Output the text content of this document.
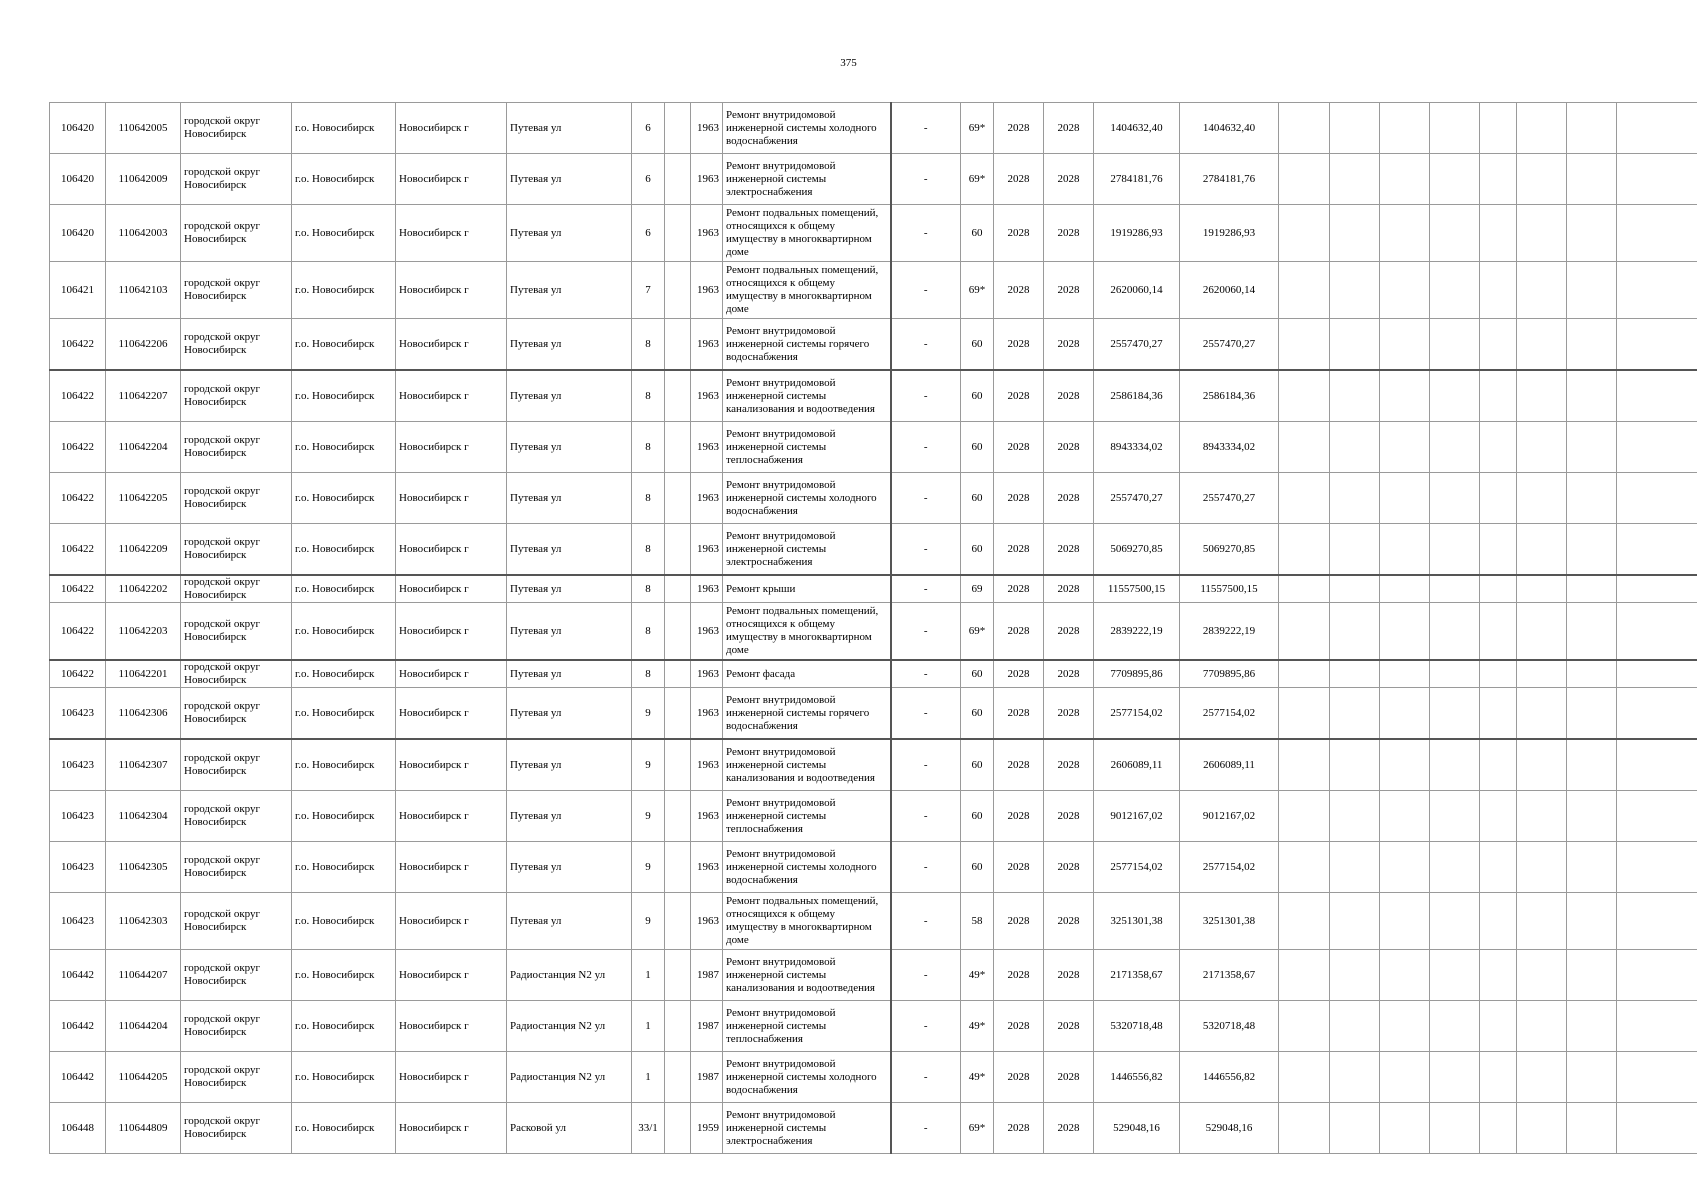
375
106420	110642005	городской округ Новосибирск	г.о. Новосибирск	Новосибирск г	Путевая ул	6		1963	Ремонт внутридомовой инженерной системы холодного водоснабжения	-	69*	2028	2028	1404632,40	1404632,40								
106420	110642009	городской округ Новосибирск	г.о. Новосибирск	Новосибирск г	Путевая ул	6		1963	Ремонт внутридомовой инженерной системы электроснабжения	-	69*	2028	2028	2784181,76	2784181,76								
106420	110642003	городской округ Новосибирск	г.о. Новосибирск	Новосибирск г	Путевая ул	6		1963	Ремонт подвальных помещений, относящихся к общему имуществу в многоквартирном доме	-	60	2028	2028	1919286,93	1919286,93								
106421	110642103	городской округ Новосибирск	г.о. Новосибирск	Новосибирск г	Путевая ул	7		1963	Ремонт подвальных помещений, относящихся к общему имуществу в многоквартирном доме	-	69*	2028	2028	2620060,14	2620060,14								
106422	110642206	городской округ Новосибирск	г.о. Новосибирск	Новосибирск г	Путевая ул	8		1963	Ремонт внутридомовой инженерной системы горячего водоснабжения	-	60	2028	2028	2557470,27	2557470,27								
106422	110642207	городской округ Новосибирск	г.о. Новосибирск	Новосибирск г	Путевая ул	8		1963	Ремонт внутридомовой инженерной системы канализования и водоотведения	-	60	2028	2028	2586184,36	2586184,36								
106422	110642204	городской округ Новосибирск	г.о. Новосибирск	Новосибирск г	Путевая ул	8		1963	Ремонт внутридомовой инженерной системы теплоснабжения	-	60	2028	2028	8943334,02	8943334,02								
106422	110642205	городской округ Новосибирск	г.о. Новосибирск	Новосибирск г	Путевая ул	8		1963	Ремонт внутридомовой инженерной системы холодного водоснабжения	-	60	2028	2028	2557470,27	2557470,27								
106422	110642209	городской округ Новосибирск	г.о. Новосибирск	Новосибирск г	Путевая ул	8		1963	Ремонт внутридомовой инженерной системы электроснабжения	-	60	2028	2028	5069270,85	5069270,85								
106422	110642202	городской округ Новосибирск	г.о. Новосибирск	Новосибирск г	Путевая ул	8		1963	Ремонт крыши	-	69	2028	2028	11557500,15	11557500,15								
106422	110642203	городской округ Новосибирск	г.о. Новосибирск	Новосибирск г	Путевая ул	8		1963	Ремонт подвальных помещений, относящихся к общему имуществу в многоквартирном доме	-	69*	2028	2028	2839222,19	2839222,19								
106422	110642201	городской округ Новосибирск	г.о. Новосибирск	Новосибирск г	Путевая ул	8		1963	Ремонт фасада	-	60	2028	2028	7709895,86	7709895,86								
106423	110642306	городской округ Новосибирск	г.о. Новосибирск	Новосибирск г	Путевая ул	9		1963	Ремонт внутридомовой инженерной системы горячего водоснабжения	-	60	2028	2028	2577154,02	2577154,02								
106423	110642307	городской округ Новосибирск	г.о. Новосибирск	Новосибирск г	Путевая ул	9		1963	Ремонт внутридомовой инженерной системы канализования и водоотведения	-	60	2028	2028	2606089,11	2606089,11								
106423	110642304	городской округ Новосибирск	г.о. Новосибирск	Новосибирск г	Путевая ул	9		1963	Ремонт внутридомовой инженерной системы теплоснабжения	-	60	2028	2028	9012167,02	9012167,02								
106423	110642305	городской округ Новосибирск	г.о. Новосибирск	Новосибирск г	Путевая ул	9		1963	Ремонт внутридомовой инженерной системы холодного водоснабжения	-	60	2028	2028	2577154,02	2577154,02								
106423	110642303	городской округ Новосибирск	г.о. Новосибирск	Новосибирск г	Путевая ул	9		1963	Ремонт подвальных помещений, относящихся к общему имуществу в многоквартирном доме	-	58	2028	2028	3251301,38	3251301,38								
106442	110644207	городской округ Новосибирск	г.о. Новосибирск	Новосибирск г	Радиостанция N2 ул	1		1987	Ремонт внутридомовой инженерной системы канализования и водоотведения	-	49*	2028	2028	2171358,67	2171358,67								
106442	110644204	городской округ Новосибирск	г.о. Новосибирск	Новосибирск г	Радиостанция N2 ул	1		1987	Ремонт внутридомовой инженерной системы теплоснабжения	-	49*	2028	2028	5320718,48	5320718,48								
106442	110644205	городской округ Новосибирск	г.о. Новосибирск	Новосибирск г	Радиостанция N2 ул	1		1987	Ремонт внутридомовой инженерной системы холодного водоснабжения	-	49*	2028	2028	1446556,82	1446556,82								
106448	110644809	городской округ Новосибирск	г.о. Новосибирск	Новосибирск г	Расковой ул	33/1		1959	Ремонт внутридомовой инженерной системы электроснабжения	-	69*	2028	2028	529048,16	529048,16								
